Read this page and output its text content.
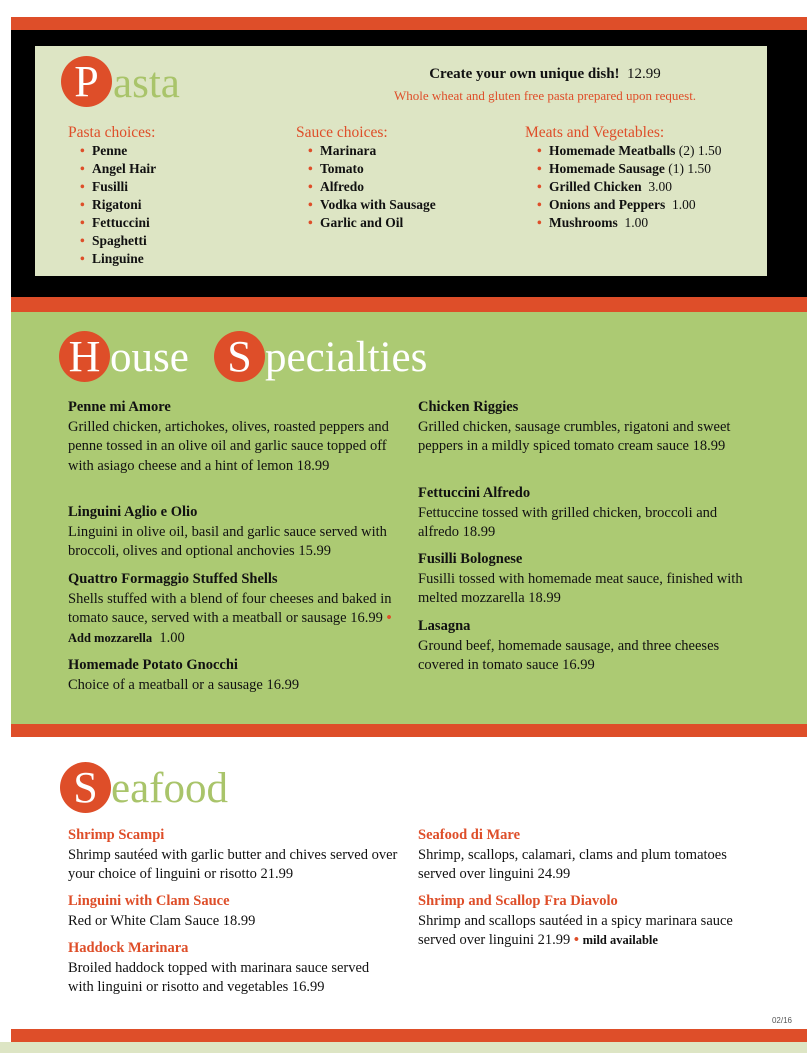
P asta	Create your own unique dish! 12.99
Whole wheat and gluten free pasta prepared upon request.
Pasta choices:
• Penne
• Angel Hair
• Fusilli
• Rigatoni
• Fettuccini
• Spaghetti
• Linguine
Sauce choices:
• Marinara
• Tomato
• Alfredo
• Vodka with Sausage
• Garlic and Oil
Meats and Vegetables:
• Homemade Meatballs (2) 1.50
• Homemade Sausage (1) 1.50
• Grilled Chicken 3.00
• Onions and Peppers 1.00
• Mushrooms 1.00
H ouse S pecialties
Penne mi Amore
Grilled chicken, artichokes, olives, roasted peppers and penne tossed in an olive oil and garlic sauce topped off with asiago cheese and a hint of lemon 18.99
Linguini Aglio e Olio
Linguini in olive oil, basil and garlic sauce served with broccoli, olives and optional anchovies 15.99
Quattro Formaggio Stuffed Shells
Shells stuffed with a blend of four cheeses and baked in tomato sauce, served with a meatball or sausage 16.99 • Add mozzarella 1.00
Homemade Potato Gnocchi
Choice of a meatball or a sausage 16.99
Chicken Riggies
Grilled chicken, sausage crumbles, rigatoni and sweet peppers in a mildly spiced tomato cream sauce 18.99
Fettuccini Alfredo
Fettuccine tossed with grilled chicken, broccoli and alfredo 18.99
Fusilli Bolognese
Fusilli tossed with homemade meat sauce, finished with melted mozzarella 18.99
Lasagna
Ground beef, homemade sausage, and three cheeses covered in tomato sauce 16.99
S eafood
Shrimp Scampi
Shrimp sautéed with garlic butter and chives served over your choice of linguini or risotto 21.99
Linguini with Clam Sauce
Red or White Clam Sauce 18.99
Haddock Marinara
Broiled haddock topped with marinara sauce served with linguini or risotto and vegetables 16.99
Seafood di Mare
Shrimp, scallops, calamari, clams and plum tomatoes served over linguini 24.99
Shrimp and Scallop Fra Diavolo
Shrimp and scallops sautéed in a spicy marinara sauce served over linguini 21.99 • mild available
02/16
